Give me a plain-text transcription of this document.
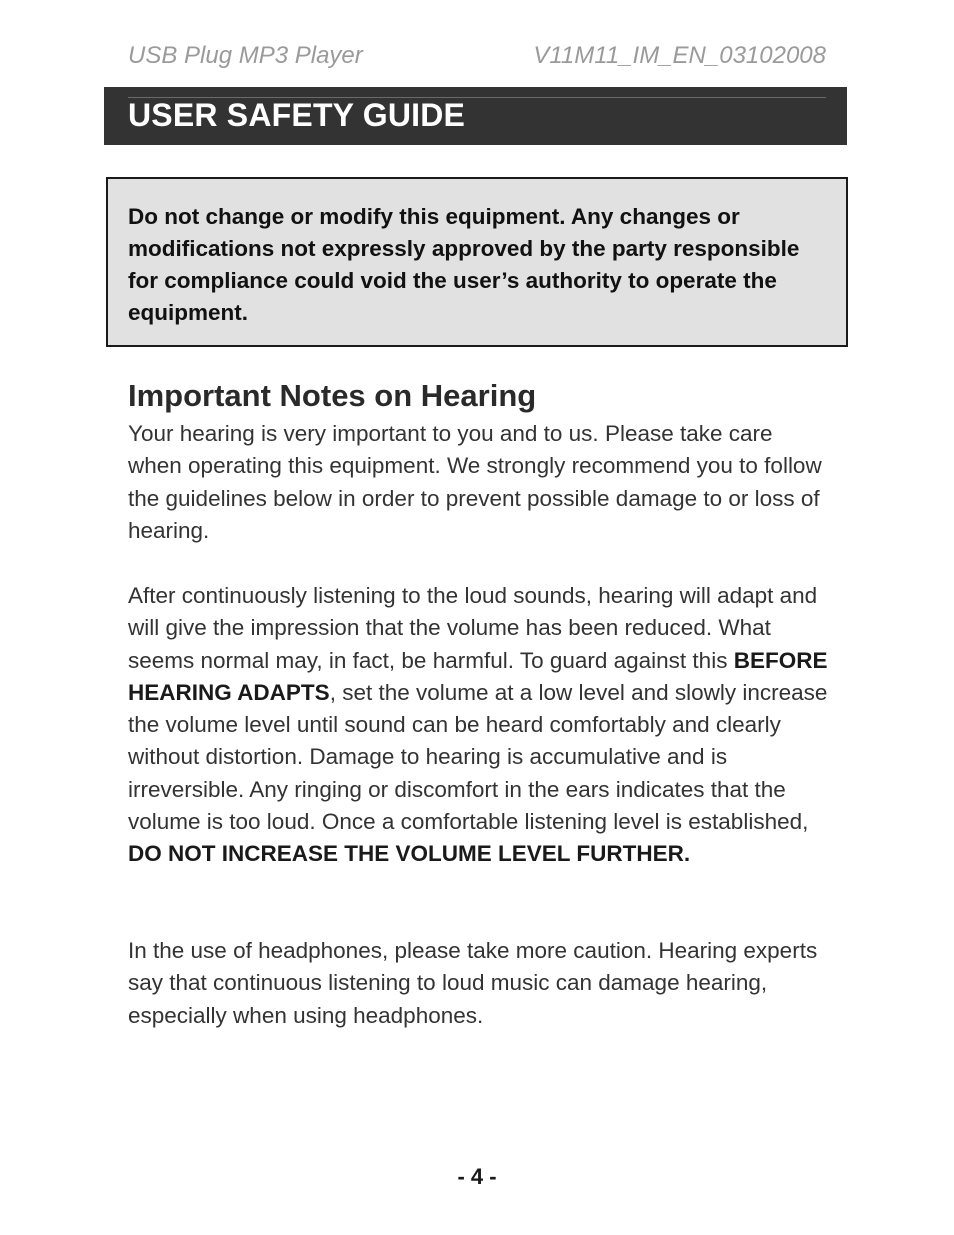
USB Plug MP3 Player	V11M11_IM_EN_03102008
USER SAFETY GUIDE

Do not change or modify this equipment. Any changes or modifications not expressly approved by the party responsible for compliance could void the user’s authority to operate the equipment.

Important Notes on Hearing

Your hearing is very important to you and to us. Please take care when operating this equipment. We strongly recommend you to follow the guidelines below in order to prevent possible damage to or loss of hearing.

After continuously listening to the loud sounds, hearing will adapt and will give the impression that the volume has been reduced. What seems normal may, in fact, be harmful. To guard against this BEFORE HEARING ADAPTS, set the volume at a low level and slowly increase the volume level until sound can be heard comfortably and clearly without distortion. Damage to hearing is accumulative and is irreversible. Any ringing or discomfort in the ears indicates that the volume is too loud. Once a comfortable listening level is established, DO NOT INCREASE THE VOLUME LEVEL FURTHER.

In the use of headphones, please take more caution. Hearing experts say that continuous listening to loud music can damage hearing, especially when using headphones.

- 4 -
